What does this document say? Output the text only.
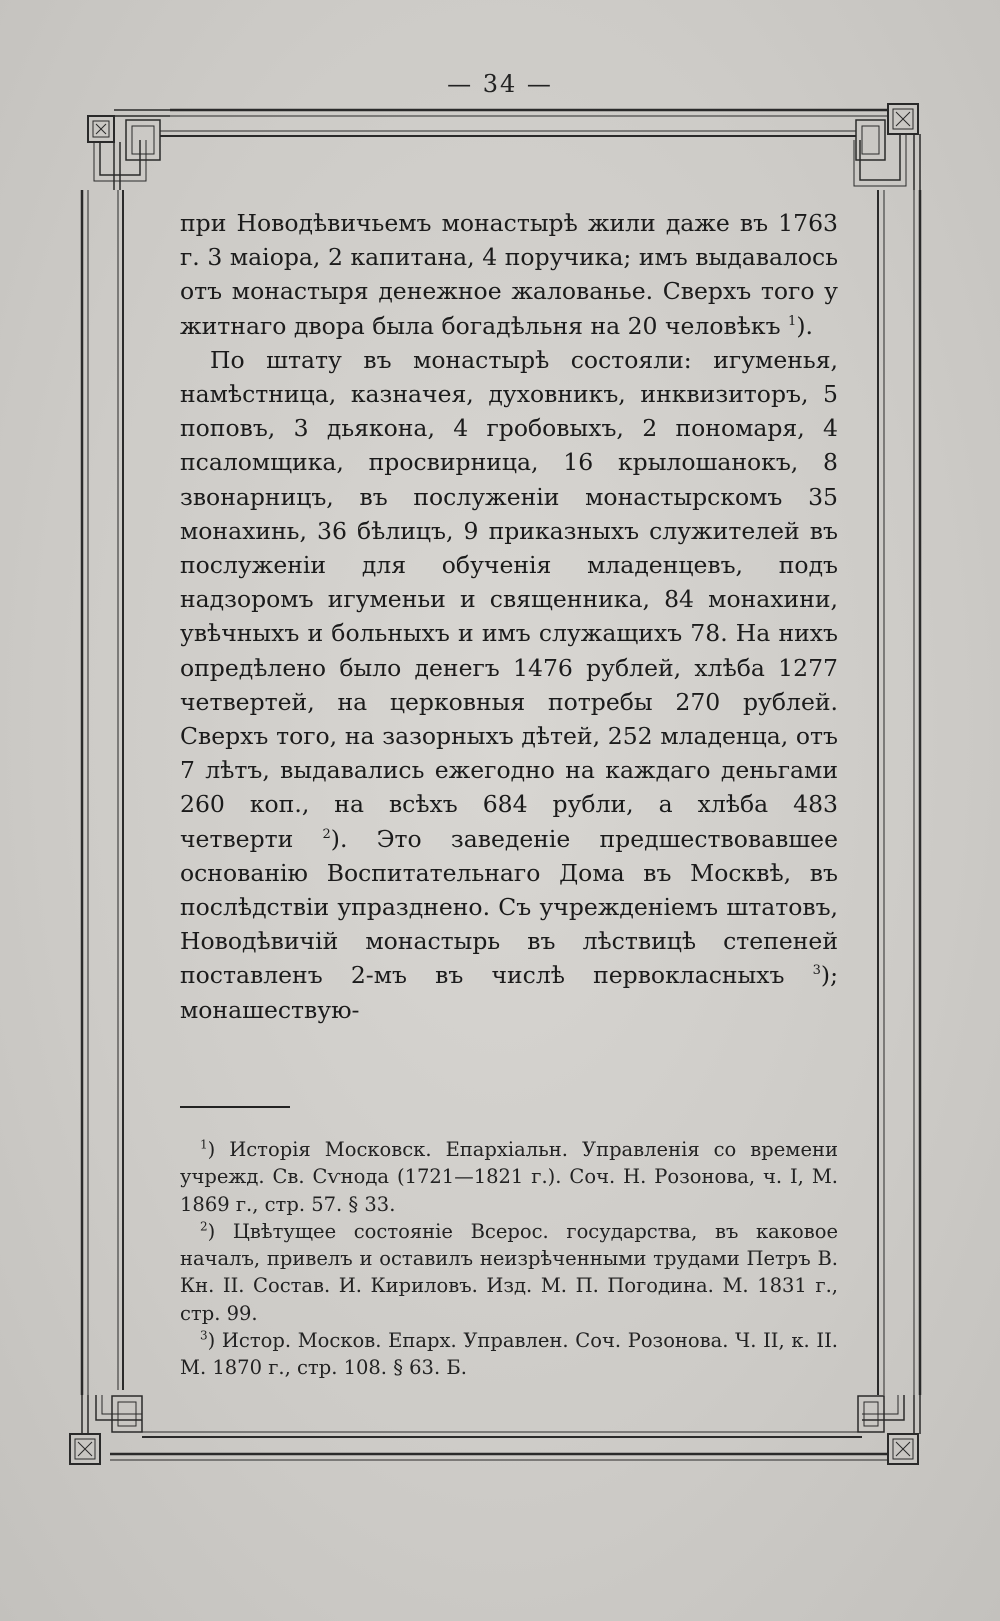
— 34 —

при Новодѣвичьемъ монастырѣ жили даже въ 1763 г. 3 маіора, 2 капитана, 4 поручика; имъ выдавалось отъ монастыря денежное жалованье. Сверхъ того у житнаго двора была богадѣльня на 20 человѣкъ $^1$).

По штату въ монастырѣ состояли: игуменья, намѣстница, казначея, духовникъ, инквизиторъ, 5 поповъ, 3 дьякона, 4 гробовыхъ, 2 пономаря, 4 псаломщика, просвирница, 16 крылошанокъ, 8 звонарницъ, въ послуженіи монастырскомъ 35 монахинь, 36 бѣлицъ, 9 приказныхъ служителей въ послуженіи для обученія младенцевъ, подъ надзоромъ игуменьи и священника, 84 монахини, увѣчныхъ и больныхъ и имъ служащихъ 78. На нихъ опредѣлено было денегъ 1476 рублей, хлѣба 1277 четвертей, на церковныя потребы 270 рублей. Сверхъ того, на зазорныхъ дѣтей, 252 младенца, отъ 7 лѣтъ, выдавались ежегодно на каждаго деньгами 260 коп., на всѣхъ 684 рубли, а хлѣба 483 четверти $^2$). Это заведеніе предшествовавшее основанію Воспитательнаго Дома въ Москвѣ, въ послѣдствіи упразднено. Съ учрежденіемъ штатовъ, Новодѣвичій монастырь въ лѣствицѣ степеней поставленъ 2-мъ въ числѣ первокласныхъ $^3$); монашествую-

$^1$) Исторія Московск. Епархіальн. Управленія со времени учрежд. Св. Сѵнода (1721—1821 г.). Соч. Н. Розонова, ч. I, М. 1869 г., стр. 57. § 33.

$^2$) Цвѣтущее состояніе Всерос. государства, въ каковое началъ, привелъ и оставилъ неизрѣченными трудами Петръ В. Кн. II. Состав. И. Кириловъ. Изд. М. П. Погодина. М. 1831 г., стр. 99.

$^3$) Истор. Москов. Епарх. Управлен. Соч. Розонова. Ч. II, к. II. М. 1870 г., стр. 108. § 63. Б.
